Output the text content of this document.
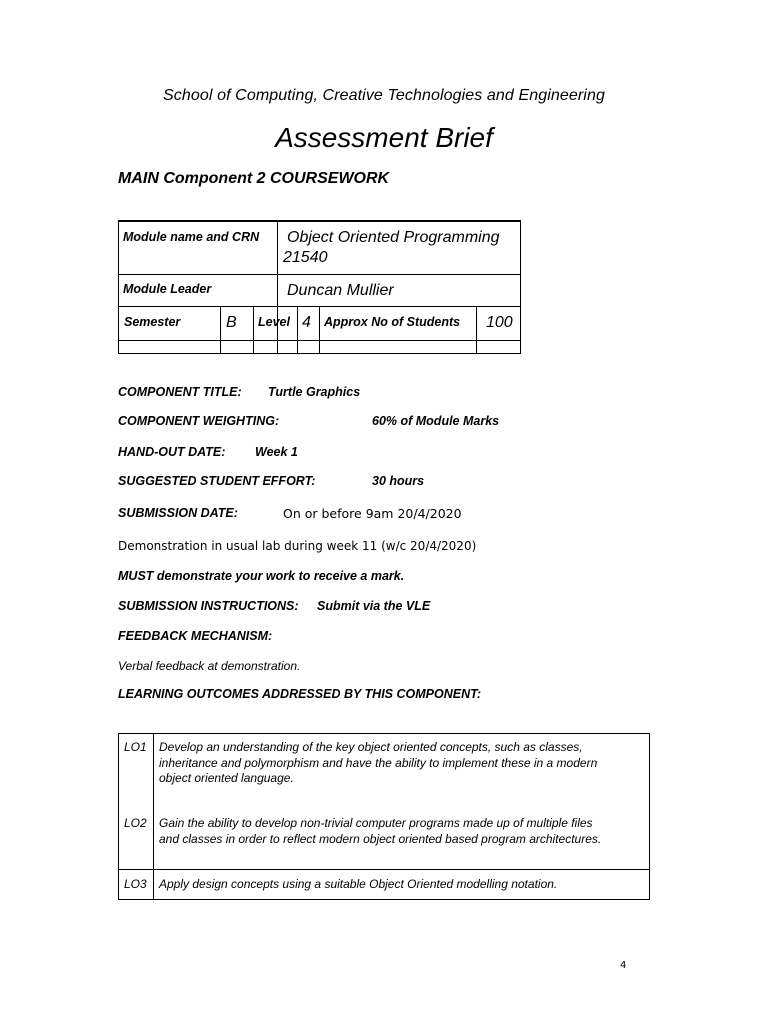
School of Computing, Creative Technologies and Engineering
Assessment Brief
MAIN Component 2 COURSEWORK
Module name and CRN Object Oriented Programming
21540
Module Leader	Duncan Mullier
Semester	B Level 4 Approx No of Students 100
COMPONENT TITLE: Turtle Graphics
COMPONENT WEIGHTING:	60% of Module Marks
HAND-OUT DATE: Week 1
SUGGESTED STUDENT EFFORT:	30 hours
SUBMISSION DATE:	On or before 9am 20/4/2020
Demonstration in usual lab during week 11 (w/c 20/4/2020)
MUST demonstrate your work to receive a mark.
SUBMISSION INSTRUCTIONS: Submit via the VLE
FEEDBACK MECHANISM:
Verbal feedback at demonstration.
LEARNING OUTCOMES ADDRESSED BY THIS COMPONENT:
LO1 Develop an understanding of the key object oriented concepts, such as classes,
inheritance and polymorphism and have the ability to implement these in a modern
object oriented language.
LO2 Gain the ability to develop non-trivial computer programs made up of multiple files
and classes in order to reflect modern object oriented based program architectures.
LO3 Apply design concepts using a suitable Object Oriented modelling notation.
4
